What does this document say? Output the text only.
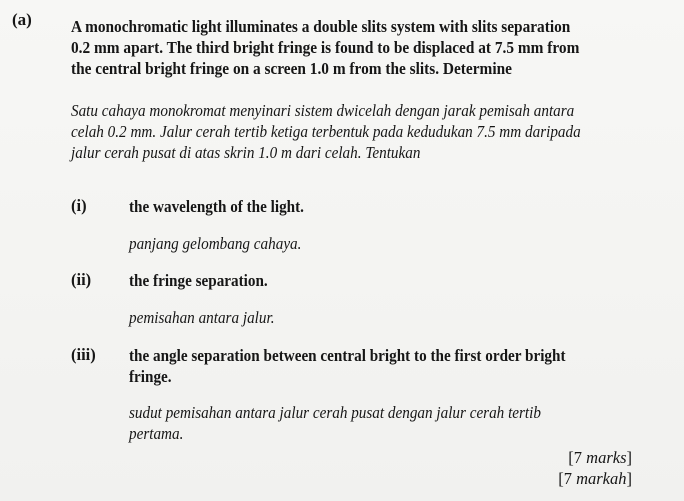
(a) A monochromatic light illuminates a double slits system with slits separation 0.2 mm apart. The third bright fringe is found to be displaced at 7.5 mm from the central bright fringe on a screen 1.0 m from the slits. Determine
Satu cahaya monokromat menyinari sistem dwicelah dengan jarak pemisah antara celah 0.2 mm. Jalur cerah tertib ketiga terbentuk pada kedudukan 7.5 mm daripada jalur cerah pusat di atas skrin 1.0 m dari celah. Tentukan
(i)	the wavelength of the light.
panjang gelombang cahaya.
(ii) the fringe separation.
pemisahan antara jalur.
(iii) the angle separation between central bright to the first order bright fringe.
sudut pemisahan antara jalur cerah pusat dengan jalur cerah tertib pertama.
[7 marks]
[7 markah]
